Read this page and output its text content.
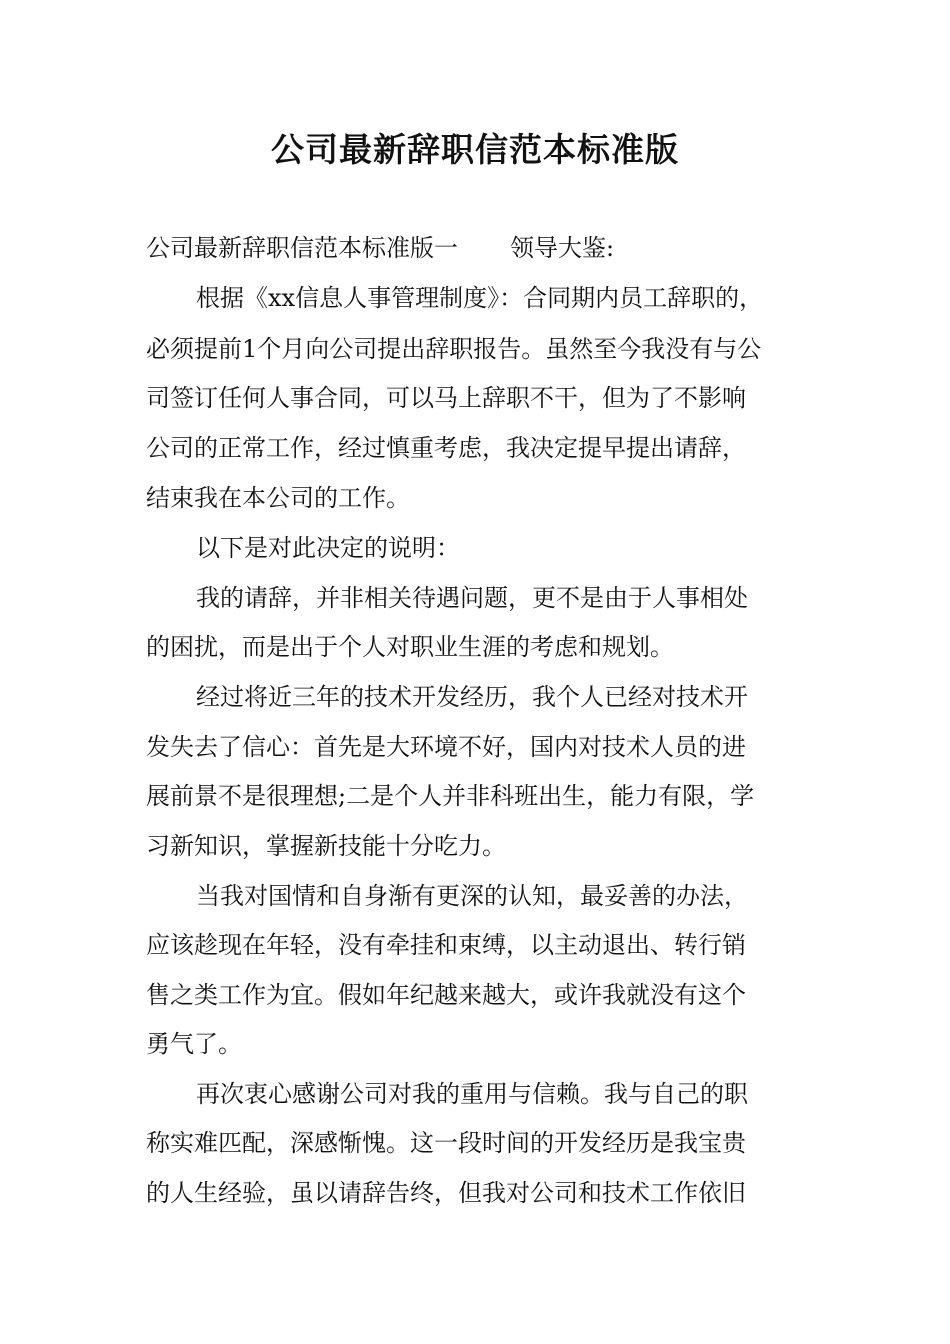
公司最新辞职信范本标准版
公司最新辞职信范本标准版一 领导大鉴:
根据《xx信息人事管理制度》：合同期内员工辞职的，
必须提前1个月向公司提出辞职报告。虽然至今我没有与公
司签订任何人事合同，可以马上辞职不干，但为了不影响
公司的正常工作，经过慎重考虑，我决定提早提出请辞，
结束我在本公司的工作。
以下是对此决定的说明：
我的请辞，并非相关待遇问题，更不是由于人事相处
的困扰，而是出于个人对职业生涯的考虑和规划。
经过将近三年的技术开发经历，我个人已经对技术开
发失去了信心：首先是大环境不好，国内对技术人员的进
展前景不是很理想;二是个人并非科班出生，能力有限，学
习新知识，掌握新技能十分吃力。
当我对国情和自身渐有更深的认知，最妥善的办法，
应该趁现在年轻，没有牵挂和束缚，以主动退出、转行销
售之类工作为宜。假如年纪越来越大，或许我就没有这个
勇气了。
再次衷心感谢公司对我的重用与信赖。我与自己的职
称实难匹配，深感惭愧。这一段时间的开发经历是我宝贵
的人生经验，虽以请辞告终，但我对公司和技术工作依旧
